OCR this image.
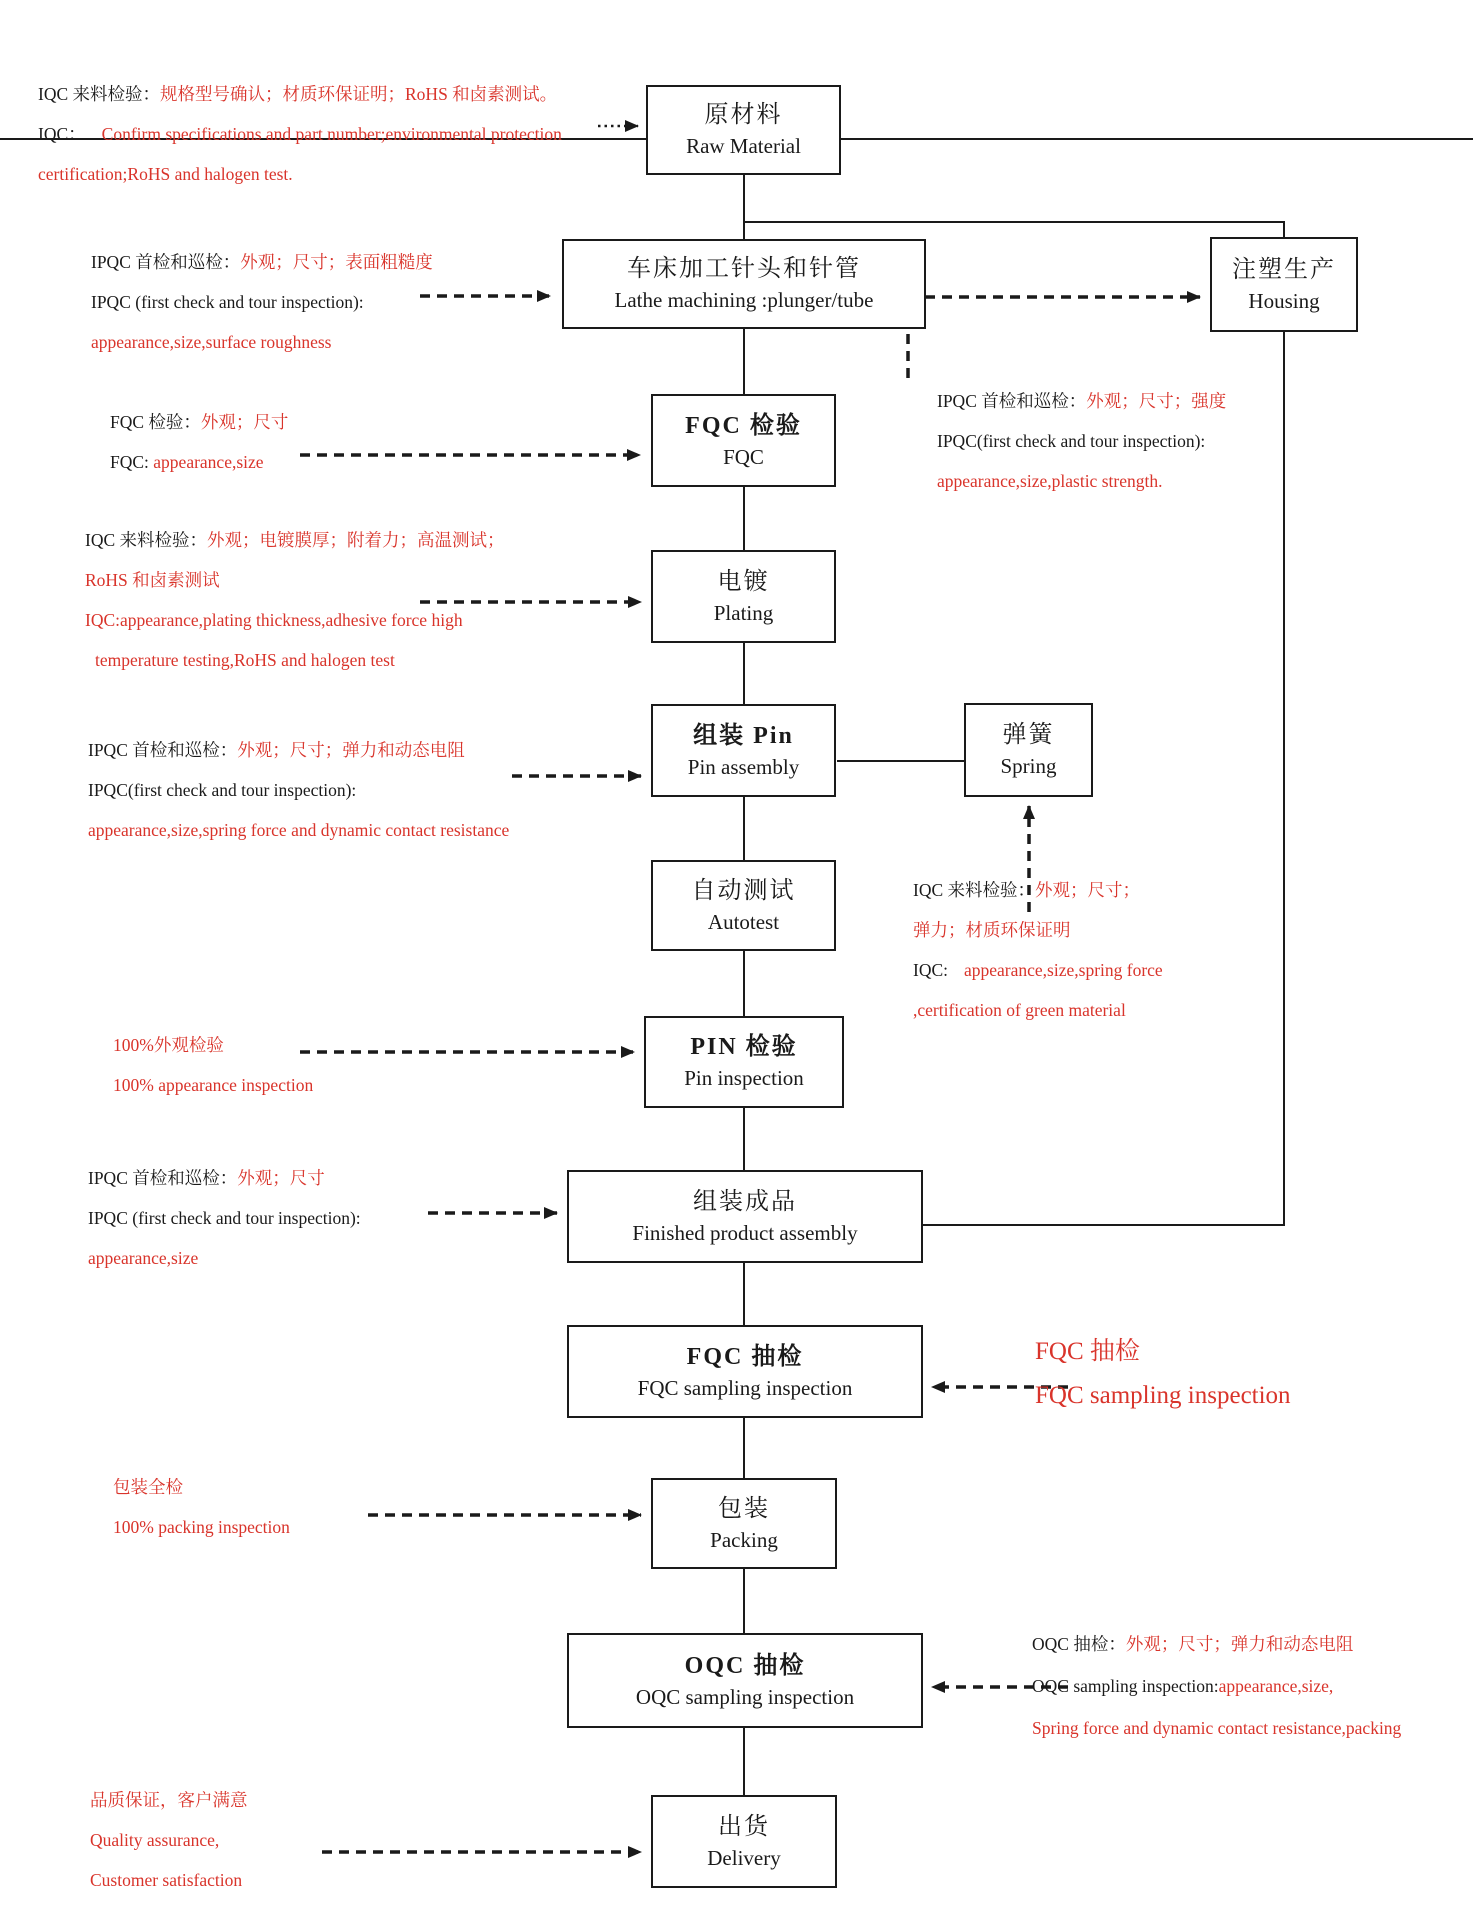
原材料
Raw Material
车床加工针头和针管
Lathe machining :plunger/tube
注塑生产
Housing
FQC 检验
FQC
电镀
Plating
组装 Pin
Pin assembly
弹簧
Spring
自动测试
Autotest
PIN 检验
Pin inspection
组装成品
Finished product assembly
FQC 抽检
FQC sampling inspection
包装
Packing
OQC 抽检
OQC sampling inspection
出货
Delivery
IQC 来料检验：规格型号确认；材质环保证明；RoHS 和卤素测试。
IQC： Confirm specifications and part number;environmental protection
certification;RoHS and halogen test.
IPQC 首检和巡检：外观；尺寸；表面粗糙度
IPQC (first check and tour inspection):
appearance,size,surface roughness
FQC 检验：外观；尺寸
FQC: appearance,size
IQC 来料检验：外观；电镀膜厚；附着力；高温测试；
RoHS 和卤素测试
IQC:appearance,plating thickness,adhesive force high
temperature testing,RoHS and halogen test
IPQC 首检和巡检：外观；尺寸；弹力和动态电阻
IPQC(first check and tour inspection):
appearance,size,spring force and dynamic contact resistance
100%外观检验
100% appearance inspection
IPQC 首检和巡检：外观；尺寸
IPQC (first check and tour inspection):
appearance,size
包装全检
100% packing inspection
品质保证，客户满意
Quality assurance,
Customer satisfaction
IPQC 首检和巡检：外观；尺寸；强度
IPQC(first check and tour inspection):
appearance,size,plastic strength.
IQC 来料检验：外观；尺寸；
弹力；材质环保证明
IQC: appearance,size,spring force
,certification of green material
FQC 抽检
FQC sampling inspection
OQC 抽检：外观；尺寸；弹力和动态电阻
OQC sampling inspection:appearance,size,
Spring force and dynamic contact resistance,packing
